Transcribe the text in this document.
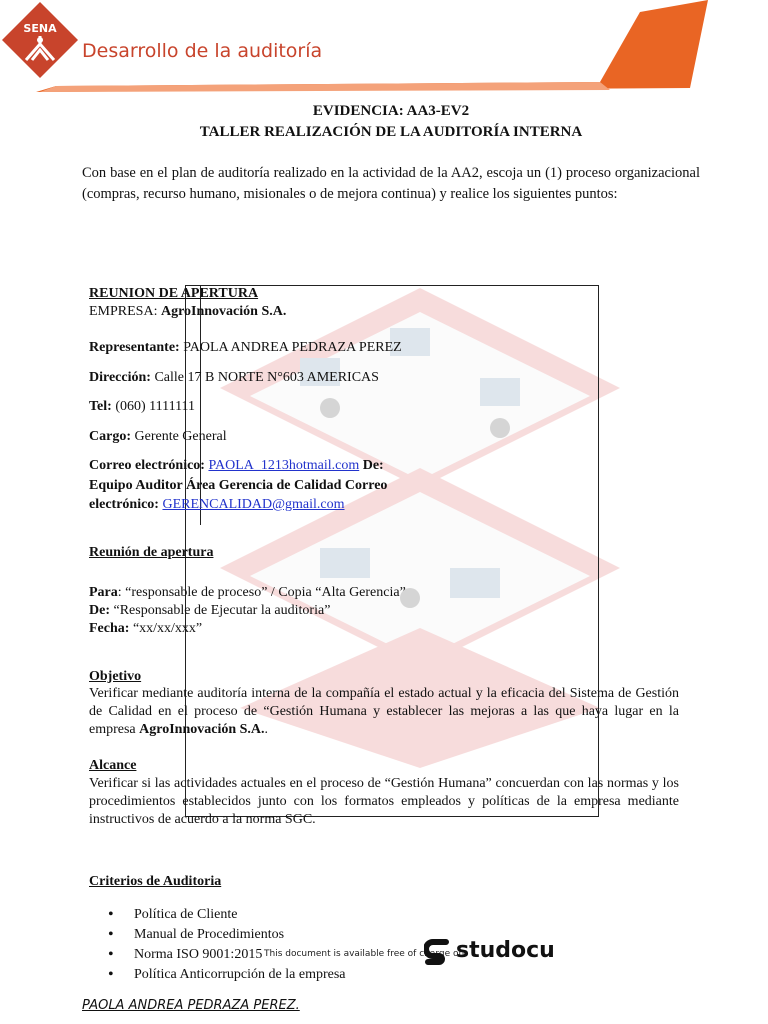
Desarrollo de la auditoría
SENA
EVIDENCIA: AA3-EV2
TALLER REALIZACIÓN DE LA AUDITORÍA INTERNA
Con base en el plan de auditoría realizado en la actividad de la AA2, escoja un (1) proceso organizacional (compras, recurso humano, misionales o de mejora continua) y realice los siguientes puntos:
REUNION DE APERTURA
EMPRESA: AgroInnovación S.A.
Representante: PAOLA ANDREA PEDRAZA PEREZ
Dirección: Calle 17 B NORTE N°603 AMERICAS
Tel: (060) 1111111
Cargo: Gerente General
Correo electrónico: PAOLA_1213hotmail.com De:
Equipo Auditor Área Gerencia de Calidad Correo
electrónico: GERENCALIDAD@gmail.com
Reunión de apertura
Para: “responsable de proceso” / Copia “Alta Gerencia”
De: “Responsable de Ejecutar la auditoria”
Fecha: “xx/xx/xxx”
Objetivo
Verificar mediante auditoría interna de la compañía el estado actual y la eficacia del Sistema de Gestión de Calidad en el proceso de “Gestión Humana y establecer las mejoras a las que haya lugar en la empresa AgroInnovación S.A..
Alcance
Verificar si las actividades actuales en el proceso de “Gestión Humana” concuerdan con las normas y los procedimientos establecidos junto con los formatos empleados y políticas de la empresa mediante instructivos de acuerdo a la norma SGC.
Criterios de Auditoria
• Política de Cliente
• Manual de Procedimientos
• Norma ISO 9001:2015
• Política Anticorrupción de la empresa
This document is available free of charge on
studocu
PAOLA ANDREA PEDRAZA PEREZ.
